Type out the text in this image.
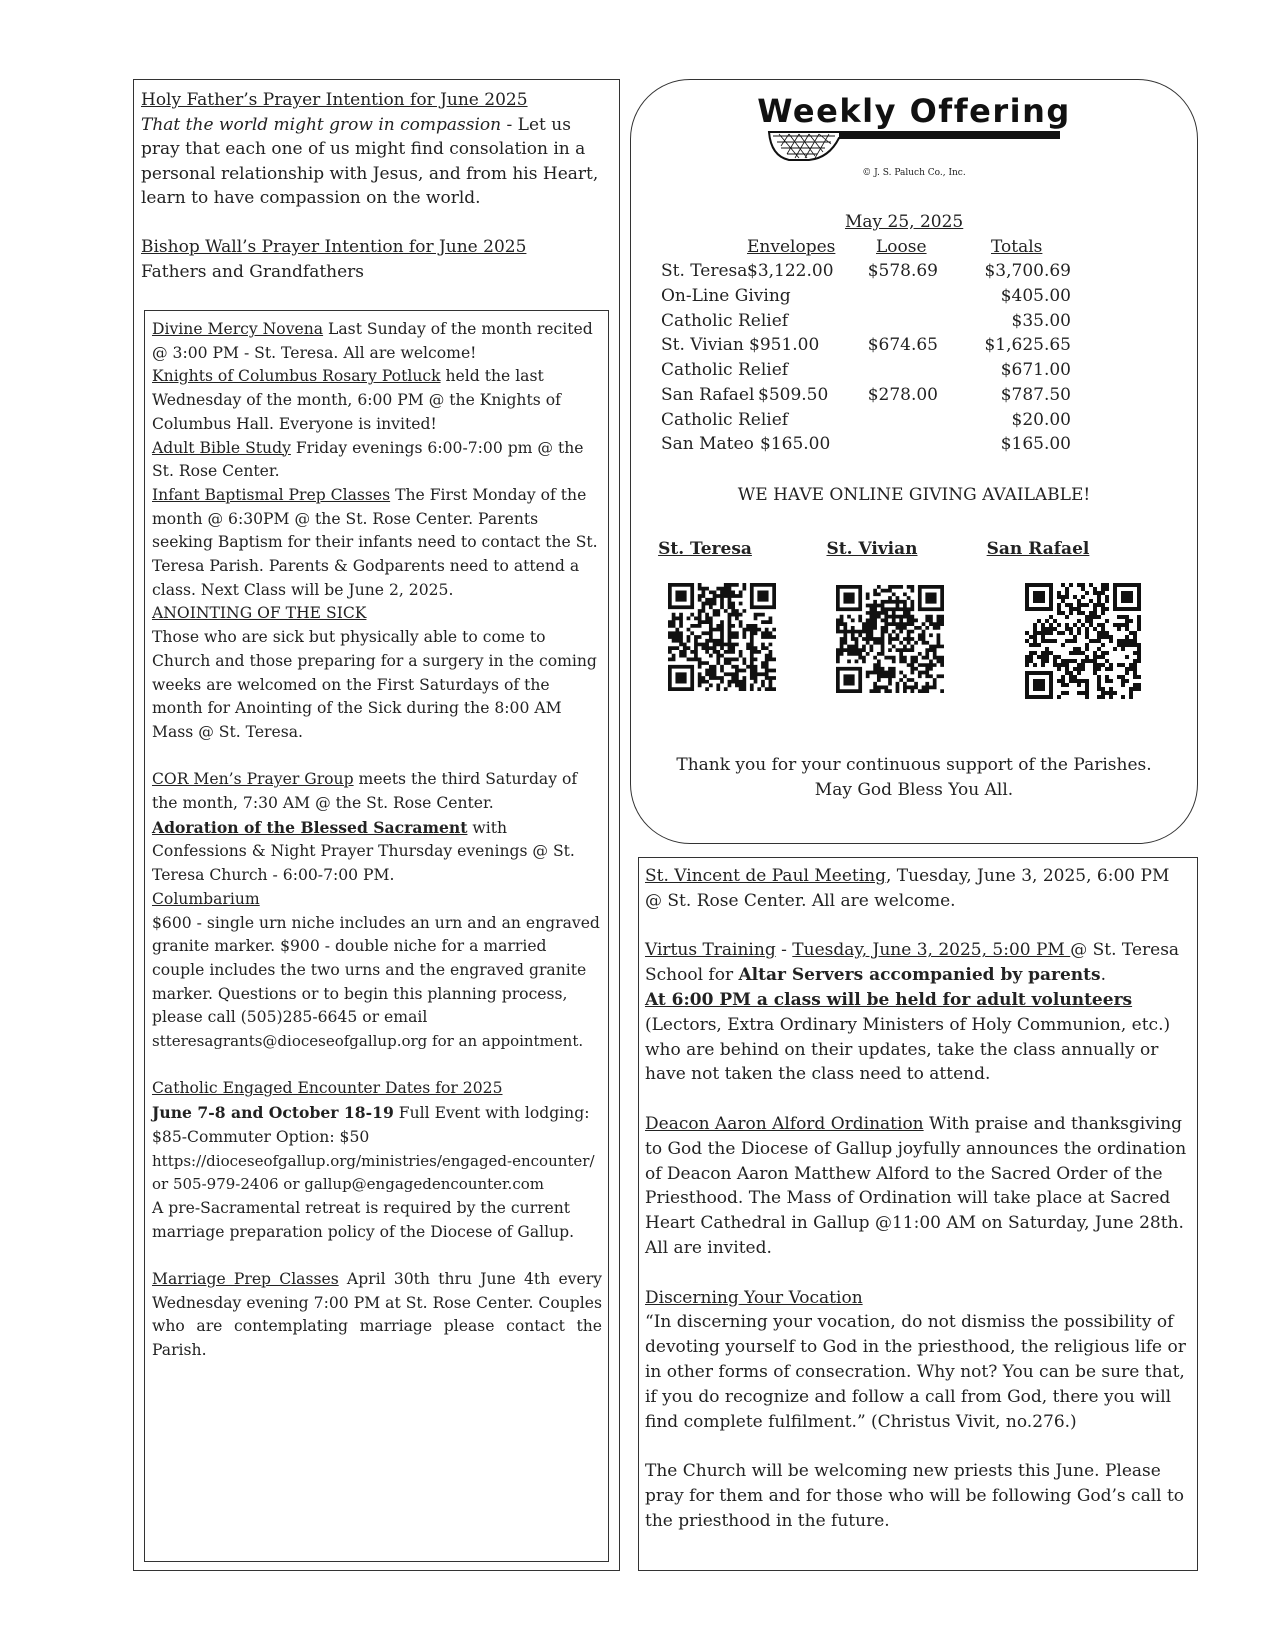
Holy Father’s Prayer Intention for June 2025

That the world might grow in compassion - Let us pray that each one of us might find consolation in a personal relationship with Jesus, and from his Heart, learn to have compassion on the world.

Bishop Wall’s Prayer Intention for June 2025

Fathers and Grandfathers

Divine Mercy Novena Last Sunday of the month recited @ 3:00 PM - St. Teresa. All are welcome!

Knights of Columbus Rosary Potluck held the last Wednesday of the month, 6:00 PM @ the Knights of Columbus Hall. Everyone is invited!

Adult Bible Study Friday evenings 6:00-7:00 pm @ the St. Rose Center.

Infant Baptismal Prep Classes The First Monday of the month @ 6:30PM @ the St. Rose Center. Parents seeking Baptism for their infants need to contact the St. Teresa Parish. Parents & Godparents need to attend a class. Next Class will be June 2, 2025.

ANOINTING OF THE SICK

Those who are sick but physically able to come to Church and those preparing for a surgery in the coming weeks are welcomed on the First Saturdays of the month for Anointing of the Sick during the 8:00 AM Mass @ St. Teresa.

COR Men’s Prayer Group meets the third Saturday of the month, 7:30 AM @ the St. Rose Center.

Adoration of the Blessed Sacrament with Confessions & Night Prayer Thursday evenings @ St. Teresa Church - 6:00-7:00 PM.

Columbarium

$600 - single urn niche includes an urn and an engraved granite marker. $900 - double niche for a married couple includes the two urns and the engraved granite marker. Questions or to begin this planning process, please call (505)285-6645 or email

stteresagrants@dioceseofgallup.org for an appointment.

Catholic Engaged Encounter Dates for 2025

June 7-8 and October 18-19 Full Event with lodging:

$85-Commuter Option: $50

https://dioceseofgallup.org/ministries/engaged-encounter/

or 505-979-2406 or gallup@engagedencounter.com

A pre-Sacramental retreat is required by the current marriage preparation policy of the Diocese of Gallup.

Marriage Prep Classes April 30th thru June 4th every Wednesday evening 7:00 PM at St. Rose Center. Couples who are contemplating marriage please contact the Parish.

Weekly Offering
© J. S. Paluch Co., Inc.
May 25, 2025
Envelopes Loose	Totals
St. Teresa $3,122.00 $578.69	$3,700.69
On-Line Giving	$405.00
Catholic Relief	$35.00
St. Vivian $951.00	$674.65	$1,625.65
Catholic Relief	$671.00
San Rafael $509.50 $278.00	$787.50
Catholic Relief	$20.00
San Mateo $165.00	$165.00
WE HAVE ONLINE GIVING AVAILABLE!
St. Teresa	St. Vivian	San Rafael
Thank you for your continuous support of the Parishes.
May God Bless You All.

St. Vincent de Paul Meeting, Tuesday, June 3, 2025, 6:00 PM @ St. Rose Center. All are welcome.

Virtus Training - Tuesday, June 3, 2025, 5:00 PM @ St. Teresa School for Altar Servers accompanied by parents.

At 6:00 PM a class will be held for adult volunteers (Lectors, Extra Ordinary Ministers of Holy Communion, etc.) who are behind on their updates, take the class annually or have not taken the class need to attend.

Deacon Aaron Alford Ordination With praise and thanksgiving to God the Diocese of Gallup joyfully announces the ordination of Deacon Aaron Matthew Alford to the Sacred Order of the Priesthood. The Mass of Ordination will take place at Sacred Heart Cathedral in Gallup @11:00 AM on Saturday, June 28th. All are invited.

Discerning Your Vocation

“In discerning your vocation, do not dismiss the possibility of devoting yourself to God in the priesthood, the religious life or in other forms of consecration. Why not? You can be sure that, if you do recognize and follow a call from God, there you will find complete fulfilment.” (Christus Vivit, no.276.)

The Church will be welcoming new priests this June. Please pray for them and for those who will be following God’s call to the priesthood in the future.
